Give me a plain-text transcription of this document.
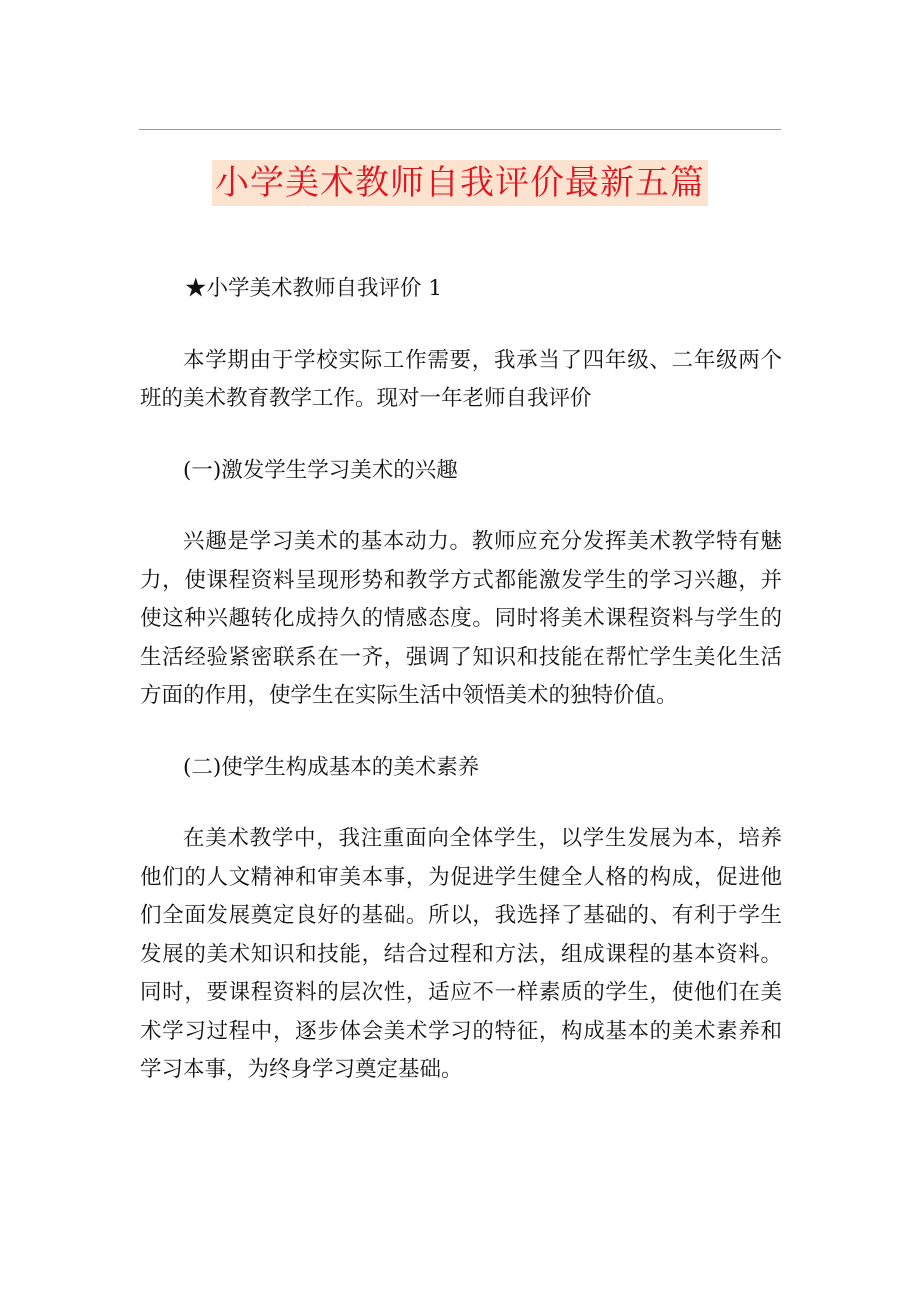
小学美术教师自我评价最新五篇

★小学美术教师自我评价 1

本学期由于学校实际工作需要，我承当了四年级、二年级两个班的美术教育教学工作。现对一年老师自我评价

(一)激发学生学习美术的兴趣

兴趣是学习美术的基本动力。教师应充分发挥美术教学特有魅力，使课程资料呈现形势和教学方式都能激发学生的学习兴趣，并使这种兴趣转化成持久的情感态度。同时将美术课程资料与学生的生活经验紧密联系在一齐，强调了知识和技能在帮忙学生美化生活方面的作用，使学生在实际生活中领悟美术的独特价值。

(二)使学生构成基本的美术素养

在美术教学中，我注重面向全体学生，以学生发展为本，培养他们的人文精神和审美本事，为促进学生健全人格的构成，促进他们全面发展奠定良好的基础。所以，我选择了基础的、有利于学生发展的美术知识和技能，结合过程和方法，组成课程的基本资料。同时，要课程资料的层次性，适应不一样素质的学生，使他们在美术学习过程中，逐步体会美术学习的特征，构成基本的美术素养和学习本事，为终身学习奠定基础。
